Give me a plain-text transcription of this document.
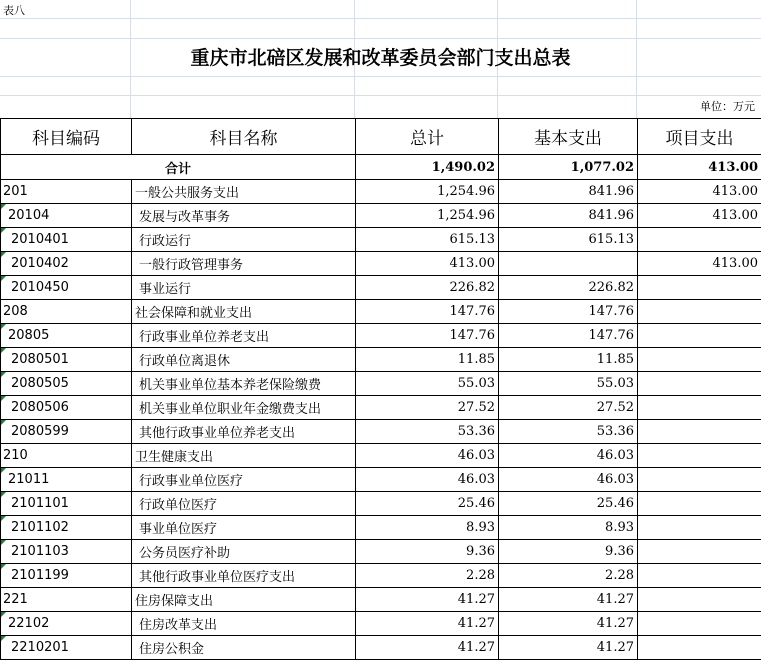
表八
重庆市北碚区发展和改革委员会部门支出总表
单位：万元
科目编码	科目名称	总计	基本支出	项目支出
合计		1,490.02	1,077.02	413.00
201	一般公共服务支出	1,254.96	841.96	413.00
20104	发展与改革事务	1,254.96	841.96	413.00
2010401	行政运行	615.13	615.13	
2010402	一般行政管理事务	413.00		413.00
2010450	事业运行	226.82	226.82	
208	社会保障和就业支出	147.76	147.76	
20805	行政事业单位养老支出	147.76	147.76	
2080501	行政单位离退休	11.85	11.85	
2080505	机关事业单位基本养老保险缴费	55.03	55.03	
2080506	机关事业单位职业年金缴费支出	27.52	27.52	
2080599	其他行政事业单位养老支出	53.36	53.36	
210	卫生健康支出	46.03	46.03	
21011	行政事业单位医疗	46.03	46.03	
2101101	行政单位医疗	25.46	25.46	
2101102	事业单位医疗	8.93	8.93	
2101103	公务员医疗补助	9.36	9.36	
2101199	其他行政事业单位医疗支出	2.28	2.28	
221	住房保障支出	41.27	41.27	
22102	住房改革支出	41.27	41.27	
2210201	住房公积金	41.27	41.27	
